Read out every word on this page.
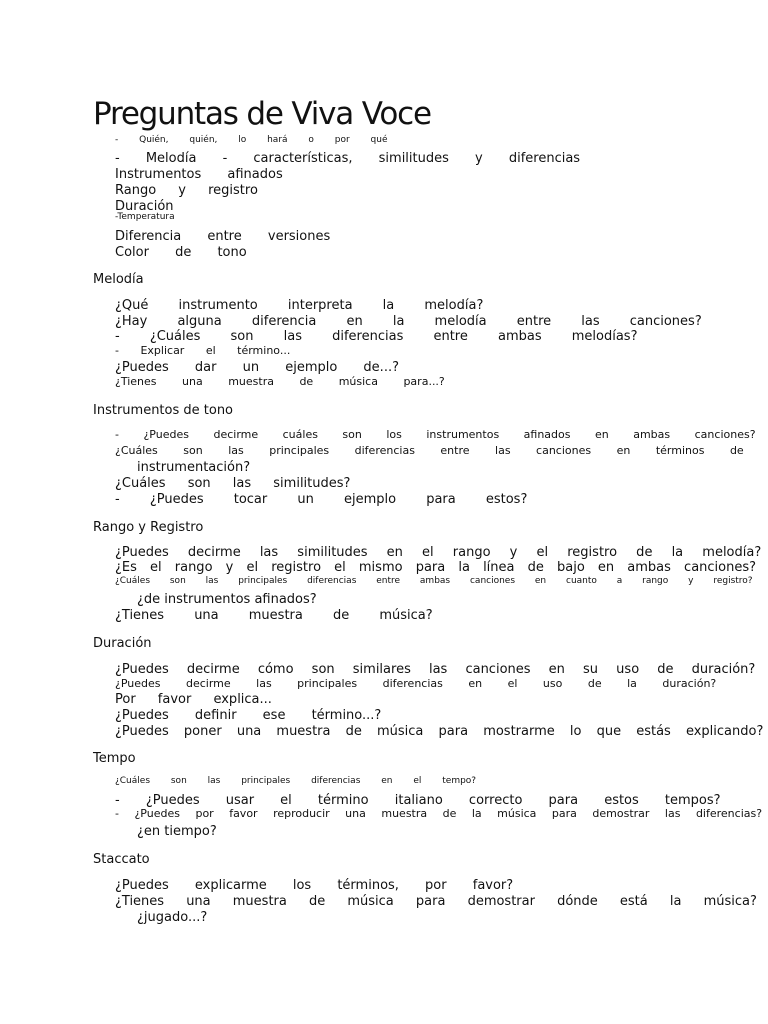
Preguntas de Viva Voce
- Quién, quién, lo hará o por qué
- Melodía - características, similitudes y diferencias
Instrumentos afinados
Rango y registro
Duración
-Temperatura
Diferencia entre versiones
Color de tono
Melodía
¿Qué instrumento interpreta la melodía?
¿Hay alguna diferencia en la melodía entre las canciones?
- ¿Cuáles son las diferencias entre ambas melodías?
- Explicar el término...
¿Puedes dar un ejemplo de...?
¿Tienes una muestra de música para...?
Instrumentos de tono
- ¿Puedes decirme cuáles son los instrumentos afinados en ambas canciones?
¿Cuáles son las principales diferencias entre las canciones en términos de
instrumentación?
¿Cuáles son las similitudes?
- ¿Puedes tocar un ejemplo para estos?
Rango y Registro
¿Puedes decirme las similitudes en el rango y el registro de la melodía?
¿Es el rango y el registro el mismo para la línea de bajo en ambas canciones?
¿Cuáles son las principales diferencias entre ambas canciones en cuanto a rango y registro?
¿de instrumentos afinados?
¿Tienes una muestra de música?
Duración
¿Puedes decirme cómo son similares las canciones en su uso de duración?
¿Puedes decirme las principales diferencias en el uso de la duración?
Por favor explica...
¿Puedes definir ese término...?
¿Puedes poner una muestra de música para mostrarme lo que estás explicando?
Tempo
¿Cuáles son las principales diferencias en el tempo?
- ¿Puedes usar el término italiano correcto para estos tempos?
- ¿Puedes por favor reproducir una muestra de la música para demostrar las diferencias?
¿en tiempo?
Staccato
¿Puedes explicarme los términos, por favor?
¿Tienes una muestra de música para demostrar dónde está la música?
¿jugado...?
